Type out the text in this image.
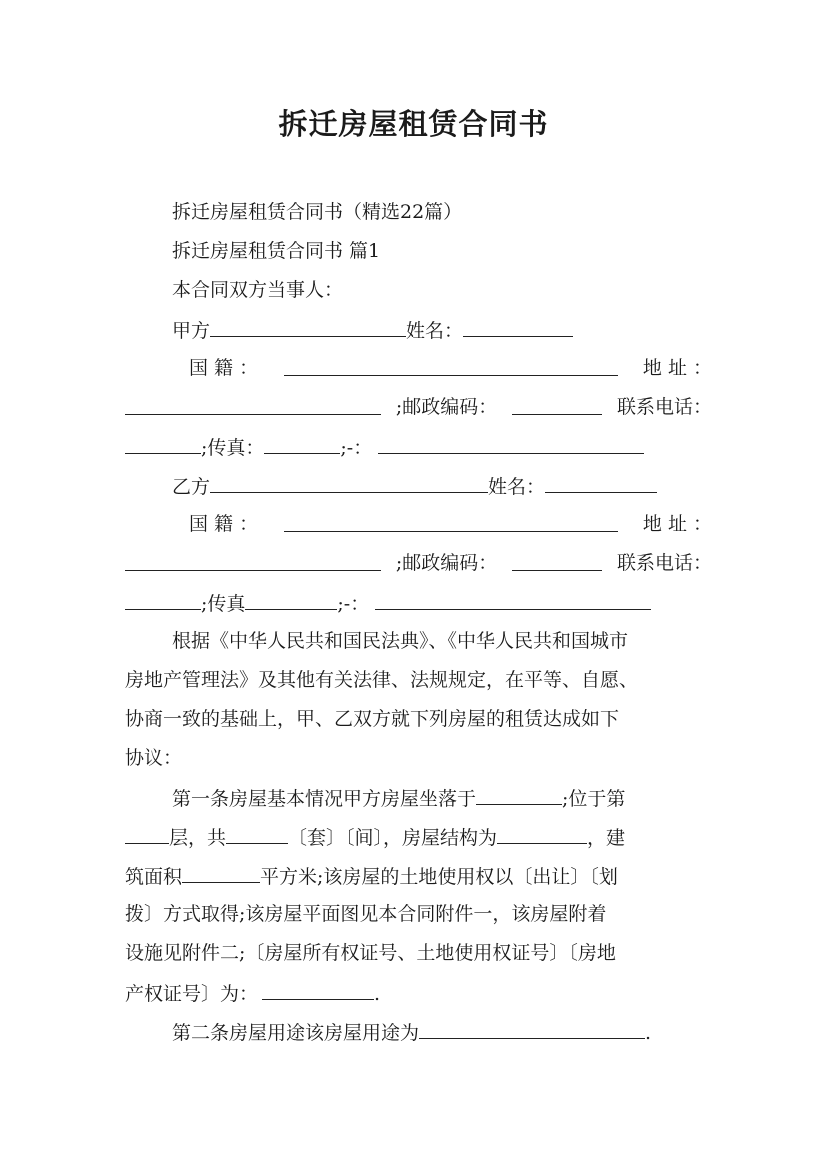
拆迁房屋租赁合同书
拆迁房屋租赁合同书（精选22篇）
拆迁房屋租赁合同书 篇1
本合同双方当事人：
甲方	姓名：
国 籍 ：	地 址 ：
;邮政编码：	联系电话：
;传真：	;-：
乙方	姓名：
国 籍 ：	地 址 ：
;邮政编码：	联系电话：
;传真	;-：
根据《中华人民共和国民法典》、《中华人民共和国城市
房地产管理法》及其他有关法律、法规规定，在平等、自愿、
协商一致的基础上，甲、乙双方就下列房屋的租赁达成如下
协议：
第一条房屋基本情况甲方房屋坐落于	;位于第
层，共	〔套〕〔间〕，房屋结构为	，建
筑面积	平方米;该房屋的土地使用权以〔出让〕〔划
拨〕方式取得;该房屋平面图见本合同附件一，该房屋附着
设施见附件二;〔房屋所有权证号、土地使用权证号〕〔房地
产权证号〕为：	.
第二条房屋用途该房屋用途为	.
